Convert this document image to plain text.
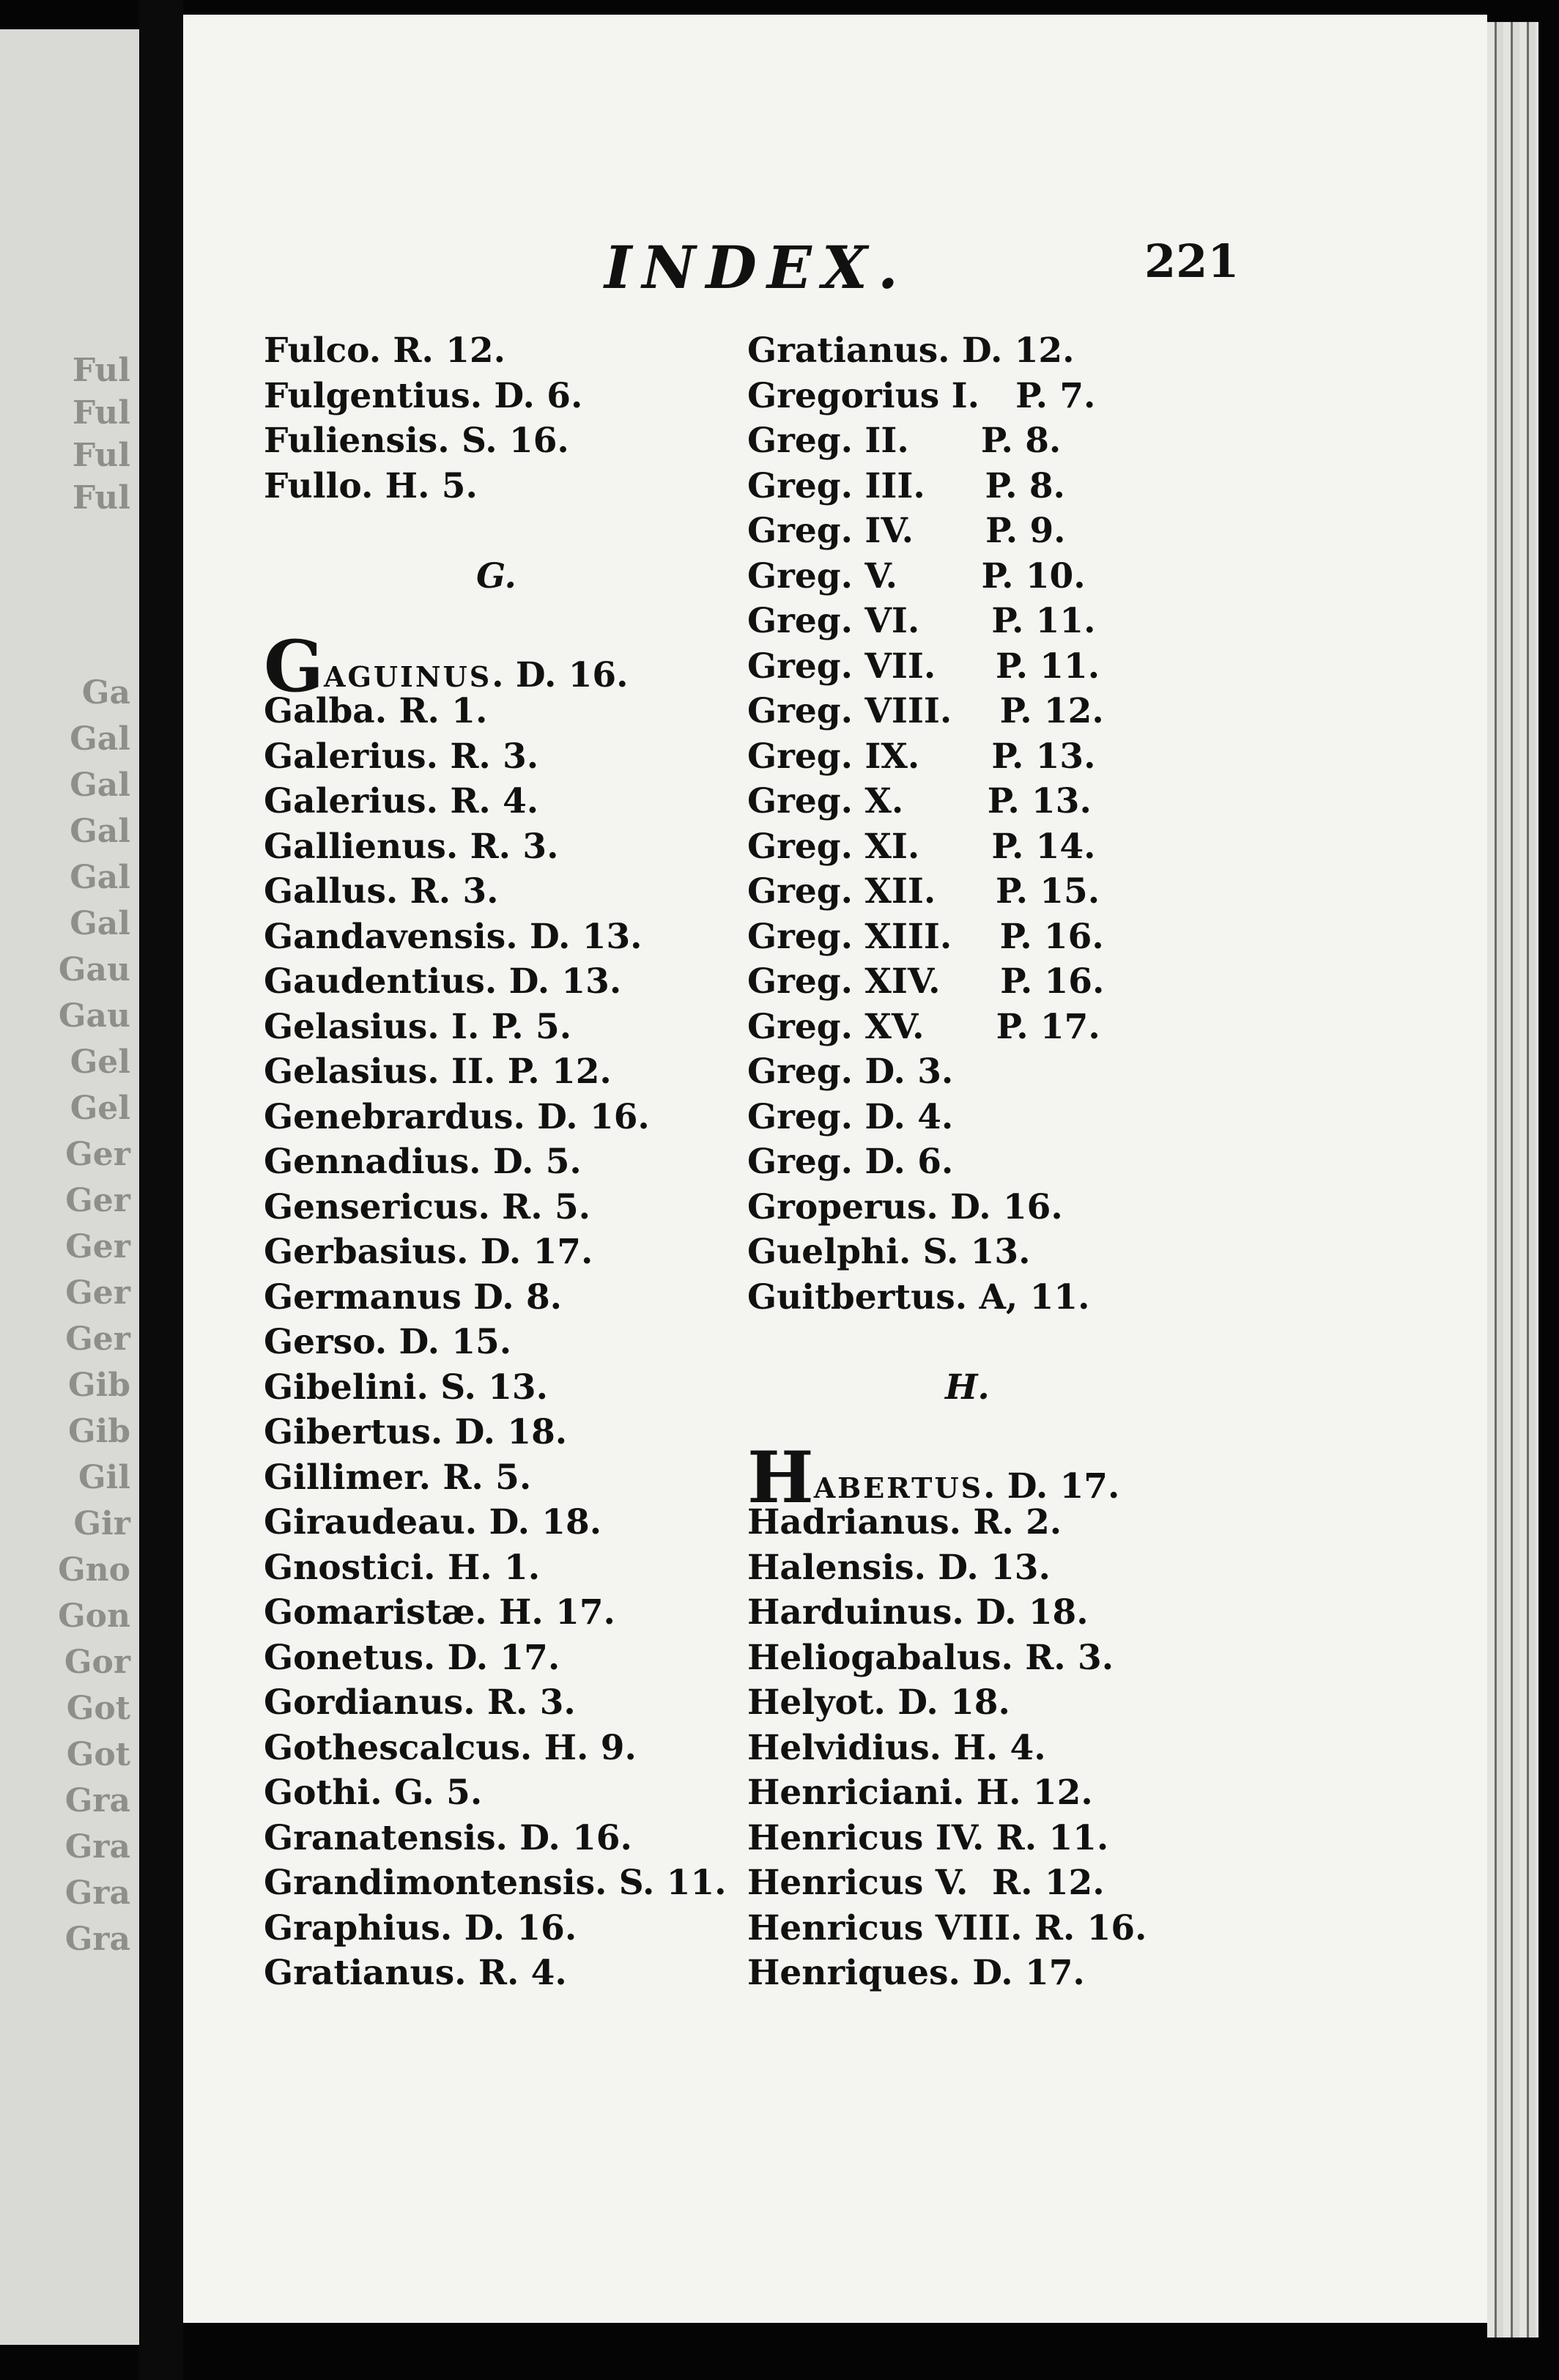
Ful
Ful
Ful
Ful
Ga
Gal
Gal
Gal
Gal
Gal
Gau
Gau
Gel
Gel
Ger
Ger
Ger
Ger
Ger
Gib
Gib
Gil
Gir
Gno
Gon
Gor
Got
Got
Gra
Gra
Gra
Gra
INDEX.	221
Fulco. R. 12.
Fulgentius. D. 6.
Fuliensis. S. 16.
Fullo. H. 5.
G.
GAGUINUS. D. 16.
Galba. R. 1.
Galerius. R. 3.
Galerius. R. 4.
Gallienus. R. 3.
Gallus. R. 3.
Gandavensis. D. 13.
Gaudentius. D. 13.
Gelasius. I. P. 5.
Gelasius. II. P. 12.
Genebrardus. D. 16.
Gennadius. D. 5.
Gensericus. R. 5.
Gerbasius. D. 17.
Germanus D. 8.
Gerso. D. 15.
Gibelini. S. 13.
Gibertus. D. 18.
Gillimer. R. 5.
Giraudeau. D. 18.
Gnostici. H. 1.
Gomaristæ. H. 17.
Gonetus. D. 17.
Gordianus. R. 3.
Gothescalcus. H. 9.
Gothi. G. 5.
Granatensis. D. 16.
Grandimontensis. S. 11.
Graphius. D. 16.
Gratianus. R. 4.
Gratianus. D. 12.
Gregorius I.   P. 7.
Greg. II.      P. 8.
Greg. III.     P. 8.
Greg. IV.      P. 9.
Greg. V.       P. 10.
Greg. VI.      P. 11.
Greg. VII.     P. 11.
Greg. VIII.    P. 12.
Greg. IX.      P. 13.
Greg. X.       P. 13.
Greg. XI.      P. 14.
Greg. XII.     P. 15.
Greg. XIII.    P. 16.
Greg. XIV.     P. 16.
Greg. XV.      P. 17.
Greg. D. 3.
Greg. D. 4.
Greg. D. 6.
Groperus. D. 16.
Guelphi. S. 13.
Guitbertus. A, 11.
H.
HABERTUS. D. 17.
Hadrianus. R. 2.
Halensis. D. 13.
Harduinus. D. 18.
Heliogabalus. R. 3.
Helyot. D. 18.
Helvidius. H. 4.
Henriciani. H. 12.
Henricus IV. R. 11.
Henricus V.  R. 12.
Henricus VIII. R. 16.
Henriques. D. 17.
